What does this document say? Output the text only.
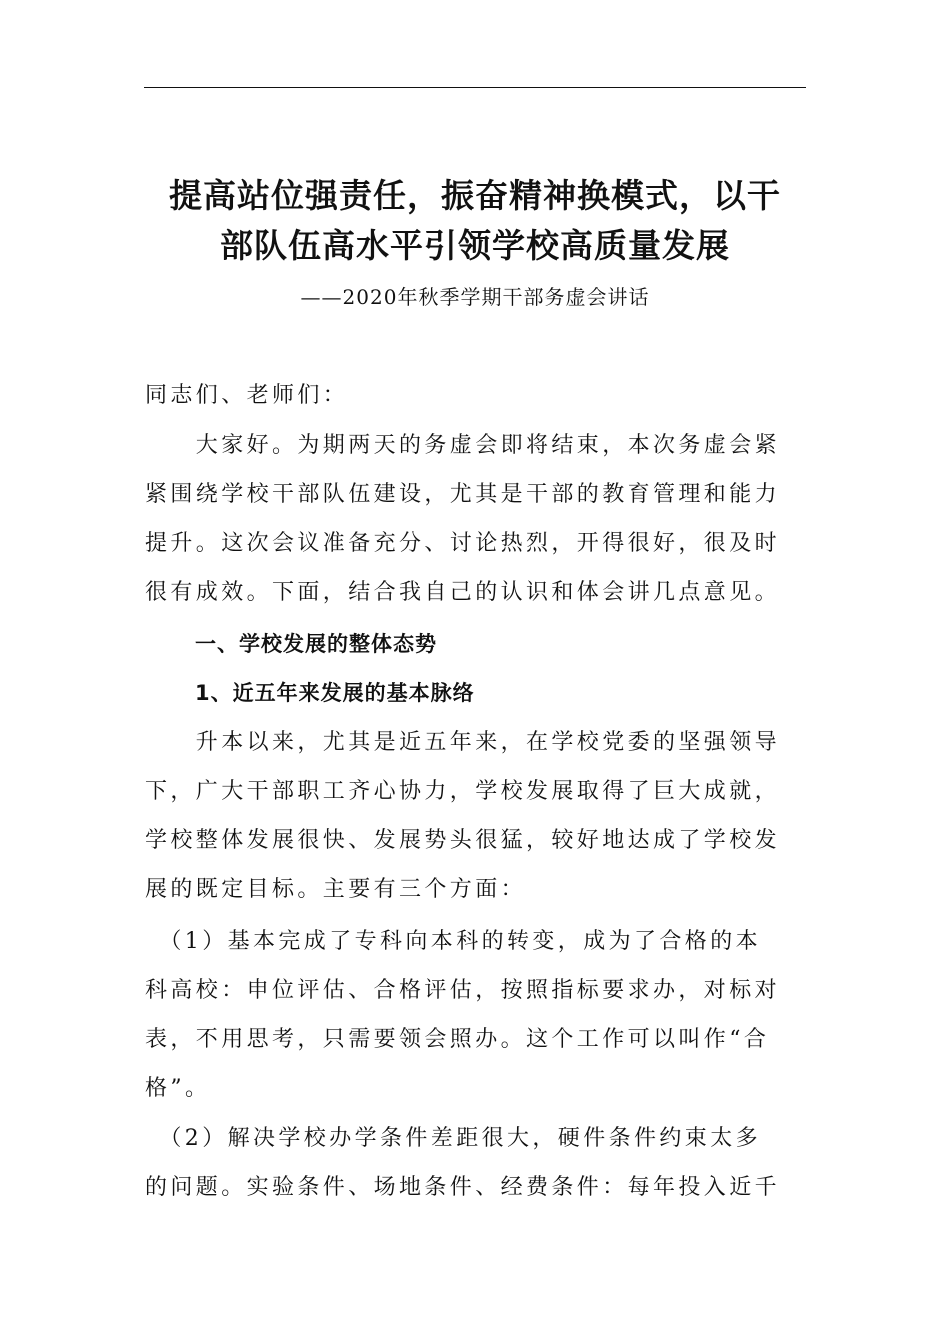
提高站位强责任，振奋精神换模式，以干
部队伍高水平引领学校高质量发展
——2020年秋季学期干部务虚会讲话
同志们、老师们：
　　大家好。为期两天的务虚会即将结束，本次务虚会紧
紧围绕学校干部队伍建设，尤其是干部的教育管理和能力
提升。这次会议准备充分、讨论热烈，开得很好，很及时
很有成效。下面，结合我自己的认识和体会讲几点意见。
一、学校发展的整体态势
1、近五年来发展的基本脉络
　　升本以来，尤其是近五年来，在学校党委的坚强领导
下，广大干部职工齐心协力，学校发展取得了巨大成就，
学校整体发展很快、发展势头很猛，较好地达成了学校发
展的既定目标。主要有三个方面：
　（1）基本完成了专科向本科的转变，成为了合格的本
科高校：申位评估、合格评估，按照指标要求办，对标对
表，不用思考，只需要领会照办。这个工作可以叫作“合
格”。
　（2）解决学校办学条件差距很大，硬件条件约束太多
的问题。实验条件、场地条件、经费条件：每年投入近千
